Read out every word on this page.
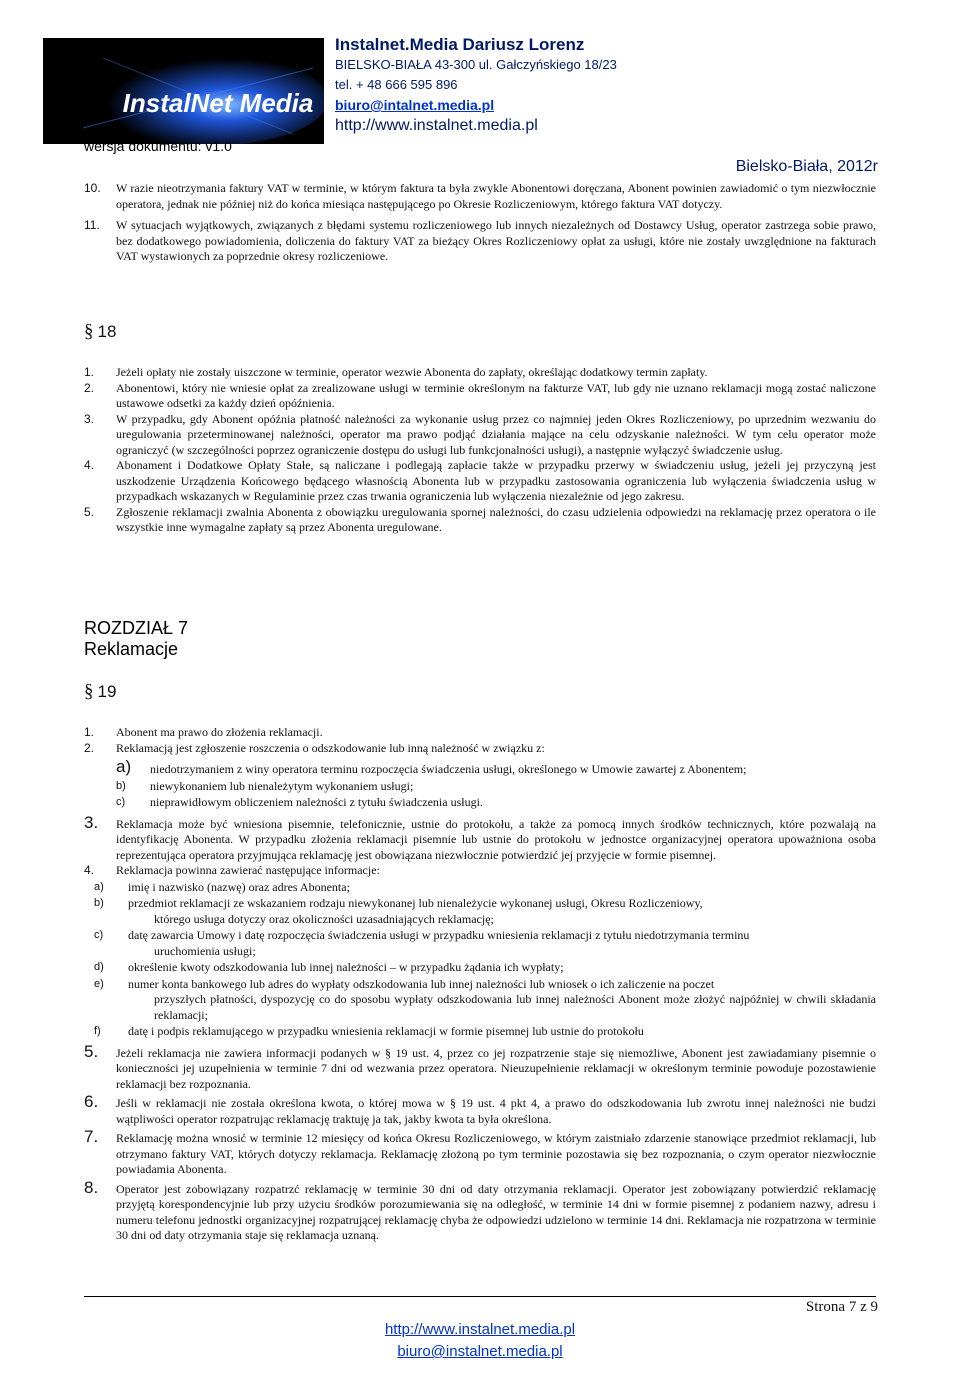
InstalNet Media
wersja dokumentu: v1.0
Instalnet.Media Dariusz Lorenz
BIELSKO-BIAŁA 43-300 ul. Gałczyńskiego 18/23
tel. + 48 666 595 896
biuro@intalnet.media.pl
http://www.instalnet.media.pl
Bielsko-Biała, 2012r
10. W razie nieotrzymania faktury VAT w terminie, w którym faktura ta była zwykle Abonentowi doręczana, Abonent powinien zawiadomić o tym niezwłocznie operatora, jednak nie później niż do końca miesiąca następującego po Okresie Rozliczeniowym, którego faktura VAT dotyczy.
11. W sytuacjach wyjątkowych, związanych z błędami systemu rozliczeniowego lub innych niezależnych od Dostawcy Usług, operator zastrzega sobie prawo, bez dodatkowego powiadomienia, doliczenia do faktury VAT za bieżący Okres Rozliczeniowy opłat za usługi, które nie zostały uwzględnione na fakturach VAT wystawionych za poprzednie okresy rozliczeniowe.
§ 18
1. Jeżeli opłaty nie zostały uiszczone w terminie, operator wezwie Abonenta do zapłaty, określając dodatkowy termin zapłaty.
2. Abonentowi, który nie wniesie opłat za zrealizowane usługi w terminie określonym na fakturze VAT, lub gdy nie uznano reklamacji mogą zostać naliczone ustawowe odsetki za każdy dzień opóźnienia.
3. W przypadku, gdy Abonent opóźnia płatność należności za wykonanie usług przez co najmniej jeden Okres Rozliczeniowy, po uprzednim wezwaniu do uregulowania przeterminowanej należności, operator ma prawo podjąć działania mające na celu odzyskanie należności. W tym celu operator może ograniczyć (w szczególności poprzez ograniczenie dostępu do usługi lub funkcjonalności usługi), a następnie wyłączyć świadczenie usług.
4. Abonament i Dodatkowe Opłaty Stałe, są naliczane i podlegają zapłacie także w przypadku przerwy w świadczeniu usług, jeżeli jej przyczyną jest uszkodzenie Urządzenia Końcowego będącego własnością Abonenta lub w przypadku zastosowania ograniczenia lub wyłączenia świadczenia usług w przypadkach wskazanych w Regulaminie przez czas trwania ograniczenia lub wyłączenia niezależnie od jego zakresu.
5. Zgłoszenie reklamacji zwalnia Abonenta z obowiązku uregulowania spornej należności, do czasu udzielenia odpowiedzi na reklamację przez operatora o ile wszystkie inne wymagalne zapłaty są przez Abonenta uregulowane.
ROZDZIAŁ 7
Reklamacje
§ 19
1. Abonent ma prawo do złożenia reklamacji.
2. Reklamacją jest zgłoszenie roszczenia o odszkodowanie lub inną należność w związku z:
a) niedotrzymaniem z winy operatora terminu rozpoczęcia świadczenia usługi, określonego w Umowie zawartej z Abonentem;
b) niewykonaniem lub nienależytym wykonaniem usługi;
c) nieprawidłowym obliczeniem należności z tytułu świadczenia usługi.
3. Reklamacja może być wniesiona pisemnie, telefonicznie, ustnie do protokołu, a także za pomocą innych środków technicznych, które pozwalają na identyfikację Abonenta. W przypadku złożenia reklamacji pisemnie lub ustnie do protokołu w jednostce organizacyjnej operatora upoważniona osoba reprezentująca operatora przyjmująca reklamację jest obowiązana niezwłocznie potwierdzić jej przyjęcie w formie pisemnej.
4. Reklamacja powinna zawierać następujące informacje:
a) imię i nazwisko (nazwę) oraz adres Abonenta;
b) przedmiot reklamacji ze wskazaniem rodzaju niewykonanej lub nienależycie wykonanej usługi, Okresu Rozliczeniowy,
którego usługa dotyczy oraz okoliczności uzasadniających reklamację;
c) datę zawarcia Umowy i datę rozpoczęcia świadczenia usługi w przypadku wniesienia reklamacji z tytułu niedotrzymania terminu
uruchomienia usługi;
d) określenie kwoty odszkodowania lub innej należności – w przypadku żądania ich wypłaty;
e) numer konta bankowego lub adres do wypłaty odszkodowania lub innej należności lub wniosek o ich zaliczenie na poczet
przyszłych płatności, dyspozycję co do sposobu wypłaty odszkodowania lub innej należności Abonent może złożyć najpóźniej w chwili składania reklamacji;
f) datę i podpis reklamującego w przypadku wniesienia reklamacji w formie pisemnej lub ustnie do protokołu
5. Jeżeli reklamacja nie zawiera informacji podanych w § 19 ust. 4, przez co jej rozpatrzenie staje się niemożliwe, Abonent jest zawiadamiany pisemnie o konieczności jej uzupełnienia w terminie 7 dni od wezwania przez operatora. Nieuzupełnienie reklamacji w określonym terminie powoduje pozostawienie reklamacji bez rozpoznania.
6. Jeśli w reklamacji nie została określona kwota, o której mowa w § 19 ust. 4 pkt 4, a prawo do odszkodowania lub zwrotu innej należności nie budzi wątpliwości operator rozpatrując reklamację traktuję ja tak, jakby kwota ta była określona.
7. Reklamację można wnosić w terminie 12 miesięcy od końca Okresu Rozliczeniowego, w którym zaistniało zdarzenie stanowiące przedmiot reklamacji, lub otrzymano faktury VAT, których dotyczy reklamacja. Reklamację złożoną po tym terminie pozostawia się bez rozpoznania, o czym operator niezwłocznie powiadamia Abonenta.
8. Operator jest zobowiązany rozpatrzć reklamację w terminie 30 dni od daty otrzymania reklamacji. Operator jest zobowiązany potwierdzić reklamację przyjętą korespondencyjnie lub przy użyciu środków porozumiewania się na odległość, w terminie 14 dni w formie pisemnej z podaniem nazwy, adresu i numeru telefonu jednostki organizacyjnej rozpatrującej reklamację chyba że odpowiedzi udzielono w terminie 14 dni. Reklamacja nie rozpatrzona w terminie 30 dni od daty otrzymania staje się reklamacja uznaną.
Strona 7 z 9
http://www.instalnet.media.pl
biuro@instalnet.media.pl
